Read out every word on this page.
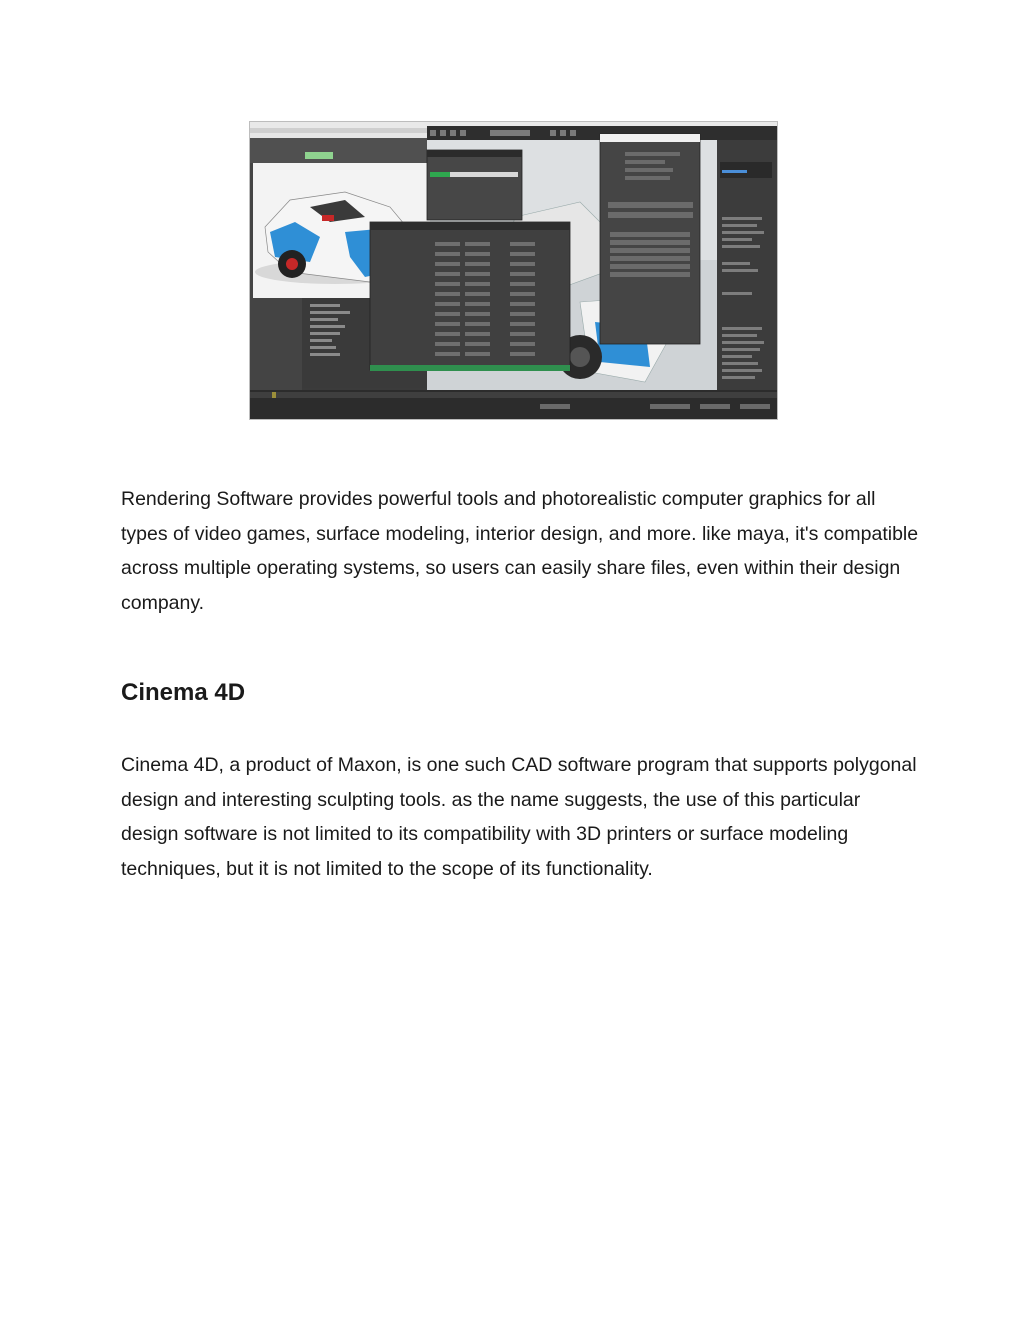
Rendering Software provides powerful tools and photorealistic computer graphics for all types of video games, surface modeling, interior design, and more. like maya, it's compatible across multiple operating systems, so users can easily share files, even within their design company.

Cinema 4D

Cinema 4D, a product of Maxon, is one such CAD software program that supports polygonal design and interesting sculpting tools. as the name suggests, the use of this particular design software is not limited to its compatibility with 3D printers or surface modeling techniques, but it is not limited to the scope of its functionality.
